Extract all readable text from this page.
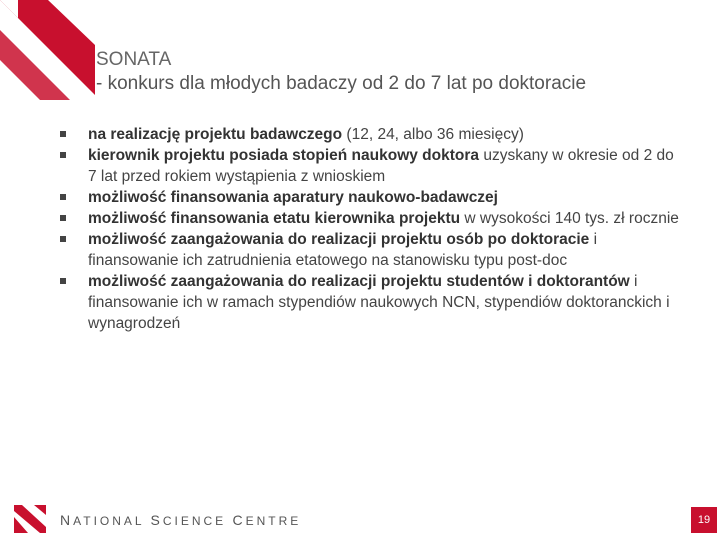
SONATA
- konkurs dla młodych badaczy od 2 do 7 lat po doktoracie
na realizację projektu badawczego (12, 24, albo 36 miesięcy)
kierownik projektu posiada stopień naukowy doktora uzyskany w okresie od 2 do 7 lat przed rokiem wystąpienia z wnioskiem
możliwość finansowania aparatury naukowo-badawczej
możliwość finansowania etatu kierownika projektu w wysokości 140 tys. zł rocznie
możliwość zaangażowania do realizacji projektu osób po doktoracie i finansowanie ich zatrudnienia etatowego na stanowisku typu post-doc
możliwość zaangażowania do realizacji projektu studentów i doktorantów i finansowanie ich w ramach stypendiów naukowych NCN, stypendiów doktoranckich i wynagrodzeń
NATIONAL SCIENCE CENTRE	19
